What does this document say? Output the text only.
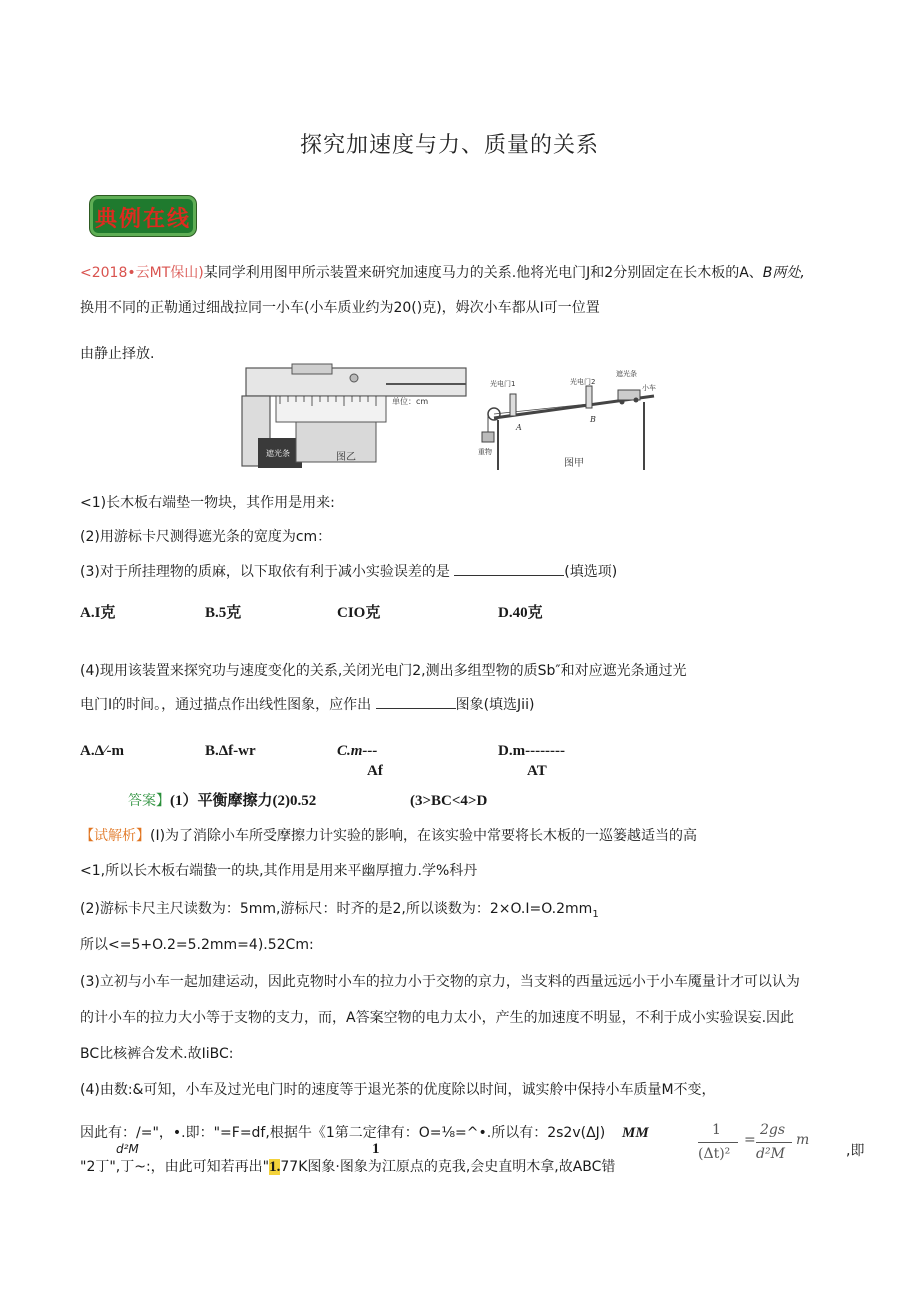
探究加速度与力、质量的关系
典例在线
<2018•云MT保山)某同学利用图甲所示装置来研究加速度马力的关系.他将光电门J和2分别固定在长木板的A、B两处,
换用不同的正勒通过细战拉同一小车(小车质业约为20()克)，姆次小车都从I可一位置
由静止择放.
单位：cm
遮光条	图乙
光电门1	光电门2
遮光条
小车
重物
A
B
图甲
<1)长木板右端垫一物块，其作用是用来:
(2)用游标卡尺测得遮光条的宽度为cm：
(3)对于所挂理物的质麻，以下取依有利于减小实验误差的是	(填选项)
A.I克	B.5克	CIO克	D.40克
(4)现用该装置来探究功与速度变化的关系,关闭光电门2,测出多组型物的质Sb″和对应遮光条通过光
电门I的时间。，通过描点作出线性图象，应作出	图象(填选Jii)
A.Δ⁄-m	B.Δf-wr	C.m---	D.m--------
Af	AT
答案】(1）平衡摩擦力(2)0.52	(3>BC<4>D
【试解析】(I)为了消除小车所受摩擦力计实验的影响，在该实验中常要将长木板的一巡篓越适当的高
<1,所以长木板右端蛰一的块,其作用是用来平幽厚擅力.学%科丹
(2)游标卡尺主尺读数为：5mm,游标尺：时齐的是2,所以谈数为：$2\times O.I=O.2mm_1$
所以<=5+O.2=5.2mm=4).52Cm:
(3)立初与小车一起加建运动，因此克物时小车的拉力小于交物的京力，当支料的西量远远小于小车魇量计才可以认为
的计小车的拉力大小等于支物的支力，而，A答案空物的电力太小，产生的加速度不明显，不利于成小实验误妄.因此
BC比核裤合发术.故IiBC:
(4)由数:&可知，小车及过光电门时的速度等于退光茶的优度除以时间，诚实舲中保持小车质量M不变，
因此有：/="，•.即："=F=df,根据牛《1第二定律有：O=⅛=^•.所以有：2s2v(ΔJ) MM
d²M	1
"2丁",丁~:，由此可知若再出"1.77K图象·图象为江原点的克我,会史直明木拿,故ABC错
1
(Δt)²
=
2gs
d²M
m
,即
